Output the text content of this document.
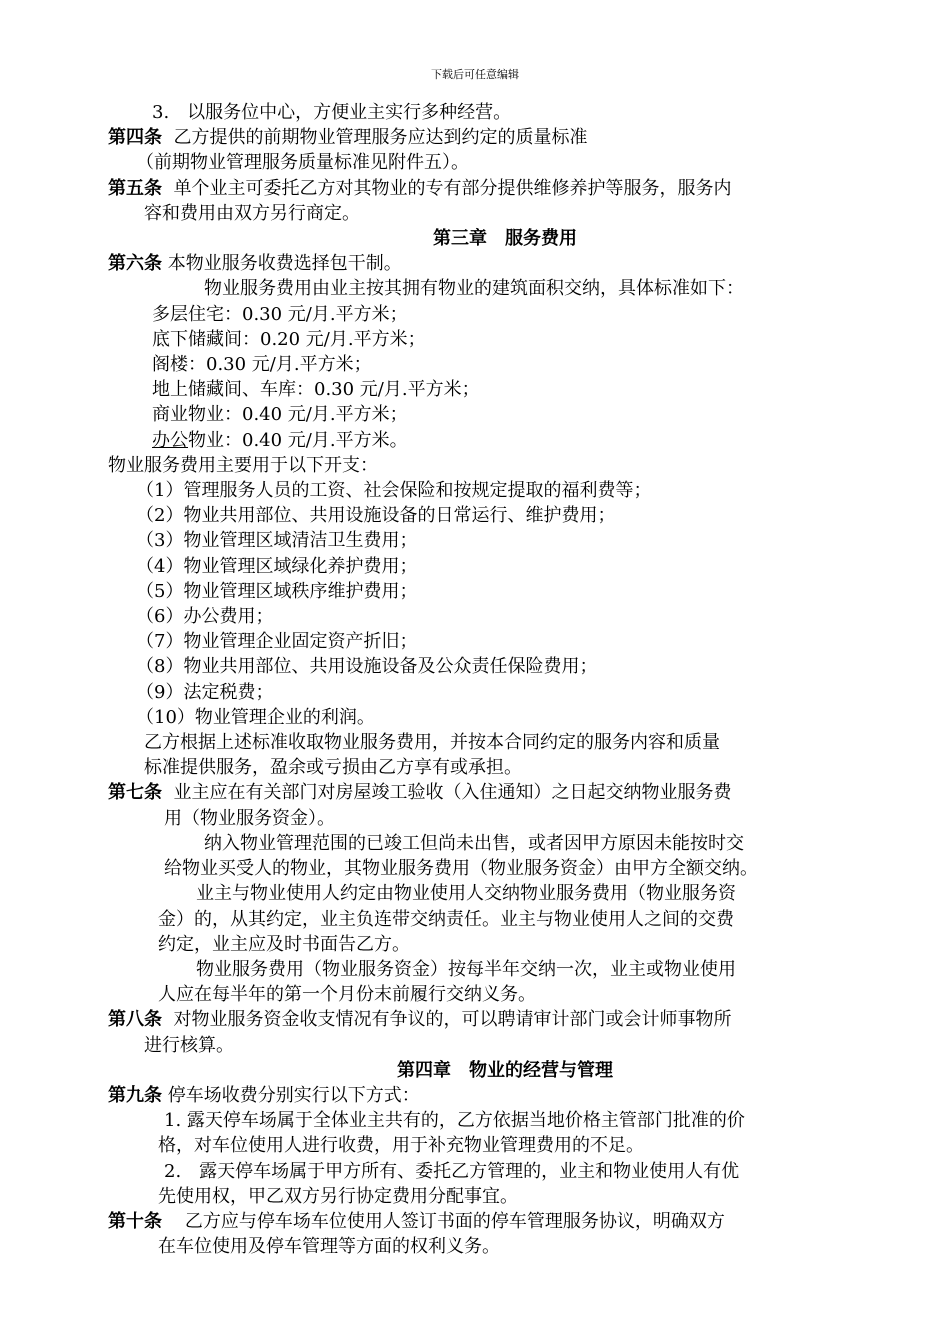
下载后可任意编辑

3.　以服务位中心，方便业主实行多种经营。

第四条 乙方提供的前期物业管理服务应达到约定的质量标准

（前期物业管理服务质量标准见附件五）。

第五条 单个业主可委托乙方对其物业的专有部分提供维修养护等服务，服务内

容和费用由双方另行商定。

第三章　服务费用

第六条 本物业服务收费选择包干制。

物业服务费用由业主按其拥有物业的建筑面积交纳，具体标准如下：

多层住宅：0.30 元/月.平方米；

底下储藏间：0.20 元/月.平方米；

阁楼：0.30 元/月.平方米；

地上储藏间、车库：0.30 元/月.平方米；

商业物业：0.40 元/月.平方米；

办公物业：0.40 元/月.平方米。

物业服务费用主要用于以下开支：

（1）管理服务人员的工资、社会保险和按规定提取的福利费等；

（2）物业共用部位、共用设施设备的日常运行、维护费用；

（3）物业管理区域清洁卫生费用；

（4）物业管理区域绿化养护费用；

（5）物业管理区域秩序维护费用；

（6）办公费用；

（7）物业管理企业固定资产折旧；

（8）物业共用部位、共用设施设备及公众责任保险费用；

（9）法定税费；

（10）物业管理企业的利润。

乙方根据上述标准收取物业服务费用，并按本合同约定的服务内容和质量

标准提供服务，盈余或亏损由乙方享有或承担。

第七条 业主应在有关部门对房屋竣工验收（入住通知）之日起交纳物业服务费

用（物业服务资金）。

纳入物业管理范围的已竣工但尚未出售，或者因甲方原因未能按时交

给物业买受人的物业，其物业服务费用（物业服务资金）由甲方全额交纳。

业主与物业使用人约定由物业使用人交纳物业服务费用（物业服务资

金）的，从其约定，业主负连带交纳责任。业主与物业使用人之间的交费

约定，业主应及时书面告乙方。

物业服务费用（物业服务资金）按每半年交纳一次，业主或物业使用

人应在每半年的第一个月份末前履行交纳义务。

第八条 对物业服务资金收支情况有争议的，可以聘请审计部门或会计师事物所

进行核算。

第四章　物业的经营与管理

第九条 停车场收费分别实行以下方式：

1. 露天停车场属于全体业主共有的，乙方依据当地价格主管部门批准的价

格，对车位使用人进行收费，用于补充物业管理费用的不足。

2.　露天停车场属于甲方所有、委托乙方管理的，业主和物业使用人有优

先使用权，甲乙双方另行协定费用分配事宜。

第十条 乙方应与停车场车位使用人签订书面的停车管理服务协议，明确双方

在车位使用及停车管理等方面的权利义务。
